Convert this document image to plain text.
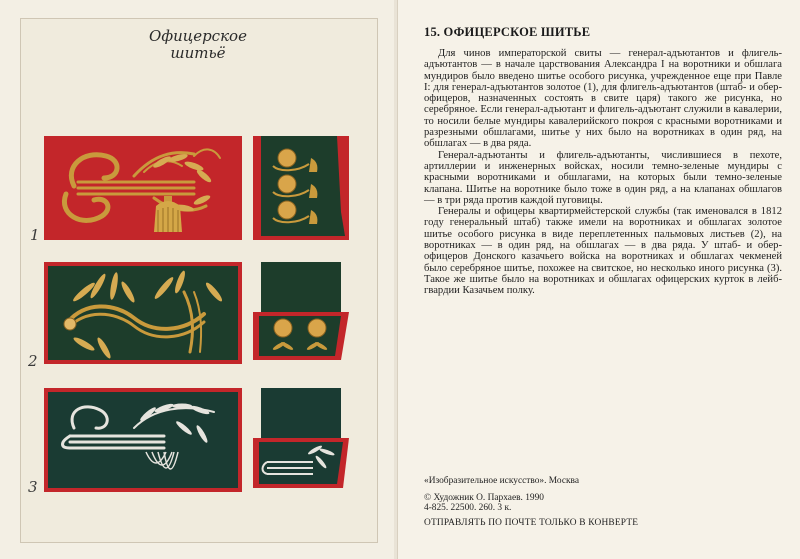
Офицерское
шитьё
1
2
3
15. ОФИЦЕРСКОЕ ШИТЬЕ

Для чинов императорской свиты — генерал-адъютантов и флигель-адъютантов — в начале царствования Александра I на воротники и обшлага мундиров было введено шитье особого рисунка, учрежденное еще при Павле I: для генерал-адъютантов золотое (1), для флигель-адъютантов (штаб- и обер-офицеров, назначенных состоять в свите царя) такого же рисунка, но серебряное. Если генерал-адъютант и флигель-адъютант служили в кавалерии, то носили белые мундиры кавалерийского покроя с красными воротниками и разрезными обшлагами, шитье у них было на воротниках в один ряд, на обшлагах — в два ряда.

Генерал-адъютанты и флигель-адъютанты, числившиеся в пехоте, артиллерии и инженерных войсках, носили темно-зеленые мундиры с красными воротниками и обшлагами, на которых были темно-зеленые клапана. Шитье на воротнике было тоже в один ряд, а на клапанах обшлагов — в три ряда против каждой пуговицы.

Генералы и офицеры квартирмейстерской службы (так именовался в 1812 году генеральный штаб) также имели на воротниках и обшлагах золотое шитье особого рисунка в виде переплетенных пальмовых листьев (2), на воротниках — в один ряд, на обшлагах — в два ряда. У штаб- и обер-офицеров Донского казачьего войска на воротниках и обшлагах чекменей было серебряное шитье, похожее на свитское, но несколько иного рисунка (3). Такое же шитье было на воротниках и обшлагах офицерских курток в лейб-гвардии Казачьем полку.

«Изобразительное искусство». Москва
© Художник О. Пархаев. 1990
4-825. 22500. 260. 3 к.
ОТПРАВЛЯТЬ ПО ПОЧТЕ ТОЛЬКО В КОНВЕРТЕ
